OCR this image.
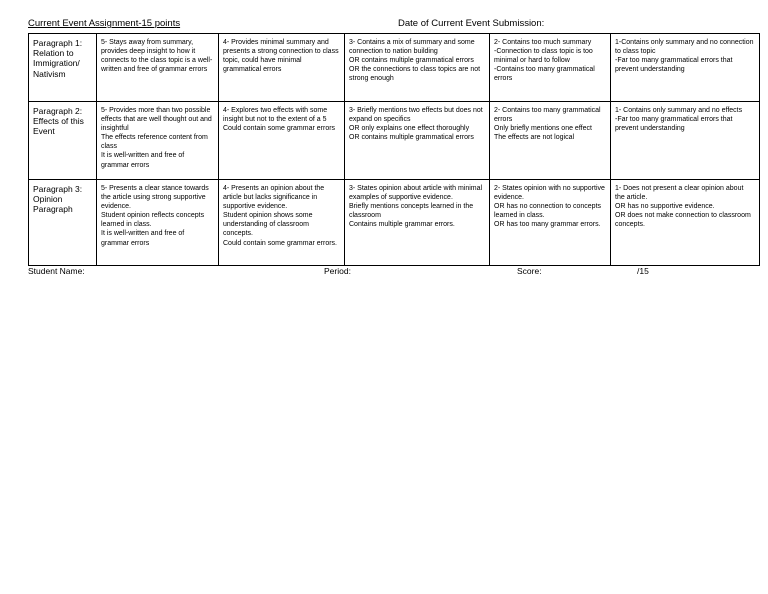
Current Event Assignment-15 points	Date of Current Event Submission:
Paragraph 1:
Relation to
Immigration/
Nativism	5- Stays away from summary, provides deep insight to how it connects to the class topic is a well-written and free of grammar errors	4- Provides minimal summary and presents a strong connection to class topic, could have minimal grammatical errors	3- Contains a mix of summary and some connection to nation building
OR contains multiple grammatical errors
OR the connections to class topics are not strong enough	2- Contains too much summary
-Connection to class topic is too minimal or hard to follow
-Contains too many grammatical errors	1-Contains only summary and no connection to class topic
-Far too many grammatical errors that prevent understanding
Paragraph 2:
Effects of this
Event	5- Provides more than two possible effects that are well thought out and insightful
The effects reference content from class
It is well-written and free of grammar errors	4- Explores two effects with some insight but not to the extent of a 5
Could contain some grammar errors	3- Briefly mentions two effects but does not expand on specifics
OR only explains one effect thoroughly
OR contains multiple grammatical errors	2- Contains too many grammatical errors
Only briefly mentions one effect
The effects are not logical	1- Contains only summary and no effects
-Far too many grammatical errors that prevent understanding
Paragraph 3:
Opinion
Paragraph	5- Presents a clear stance towards the article using strong supportive evidence.
Student opinion reflects concepts learned in class.
It is well-written and free of grammar errors	4- Presents an opinion about the article but lacks significance in supportive evidence.
Student opinion shows some understanding of classroom concepts.
Could contain some grammar errors.	3- States opinion about article with minimal examples of supportive evidence.
Briefly mentions concepts learned in the classroom
Contains multiple grammar errors.	2- States opinion with no supportive evidence.
OR has no connection to concepts learned in class.
OR has too many grammar errors.	1- Does not present a clear opinion about the article.
OR has no supportive evidence.
OR does not make connection to classroom concepts.
Student Name:	Period:	Score:	/15
